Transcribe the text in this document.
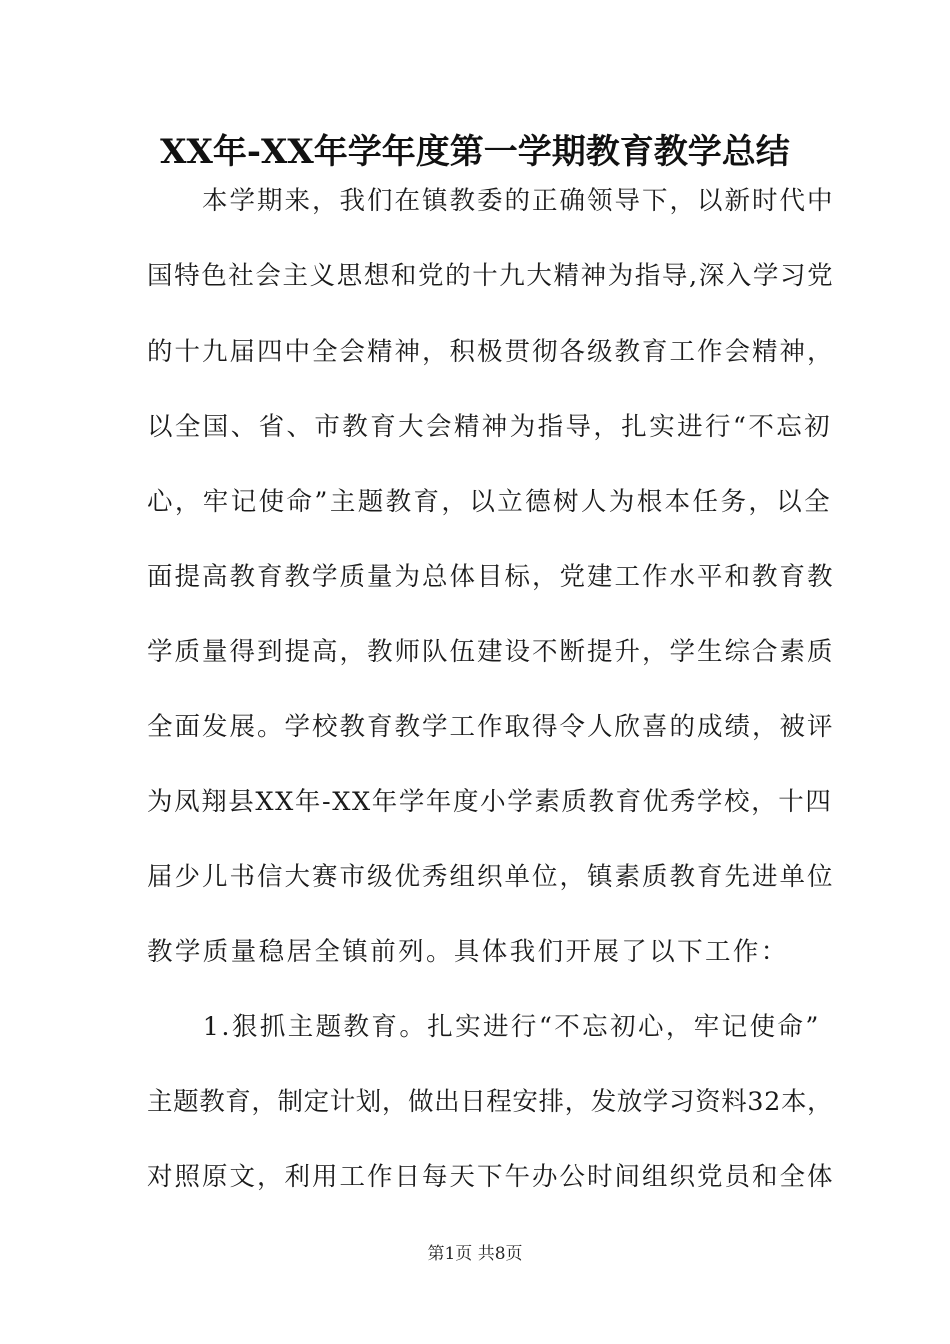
XX年-XX年学年度第一学期教育教学总结
　　本学期来，我们在镇教委的正确领导下，以新时代中
国特色社会主义思想和党的十九大精神为指导,深入学习党
的十九届四中全会精神，积极贯彻各级教育工作会精神，
以全国、省、市教育大会精神为指导，扎实进行“不忘初
心，牢记使命”主题教育，以立德树人为根本任务，以全
面提高教育教学质量为总体目标，党建工作水平和教育教
学质量得到提高，教师队伍建设不断提升，学生综合素质
全面发展。学校教育教学工作取得令人欣喜的成绩，被评
为凤翔县XX年-XX年学年度小学素质教育优秀学校，十四
届少儿书信大赛市级优秀组织单位，镇素质教育先进单位
教学质量稳居全镇前列。具体我们开展了以下工作：
　　1.狠抓主题教育。扎实进行“不忘初心，牢记使命”
主题教育，制定计划，做出日程安排，发放学习资料32本，
对照原文，利用工作日每天下午办公时间组织党员和全体
第1页 共8页
